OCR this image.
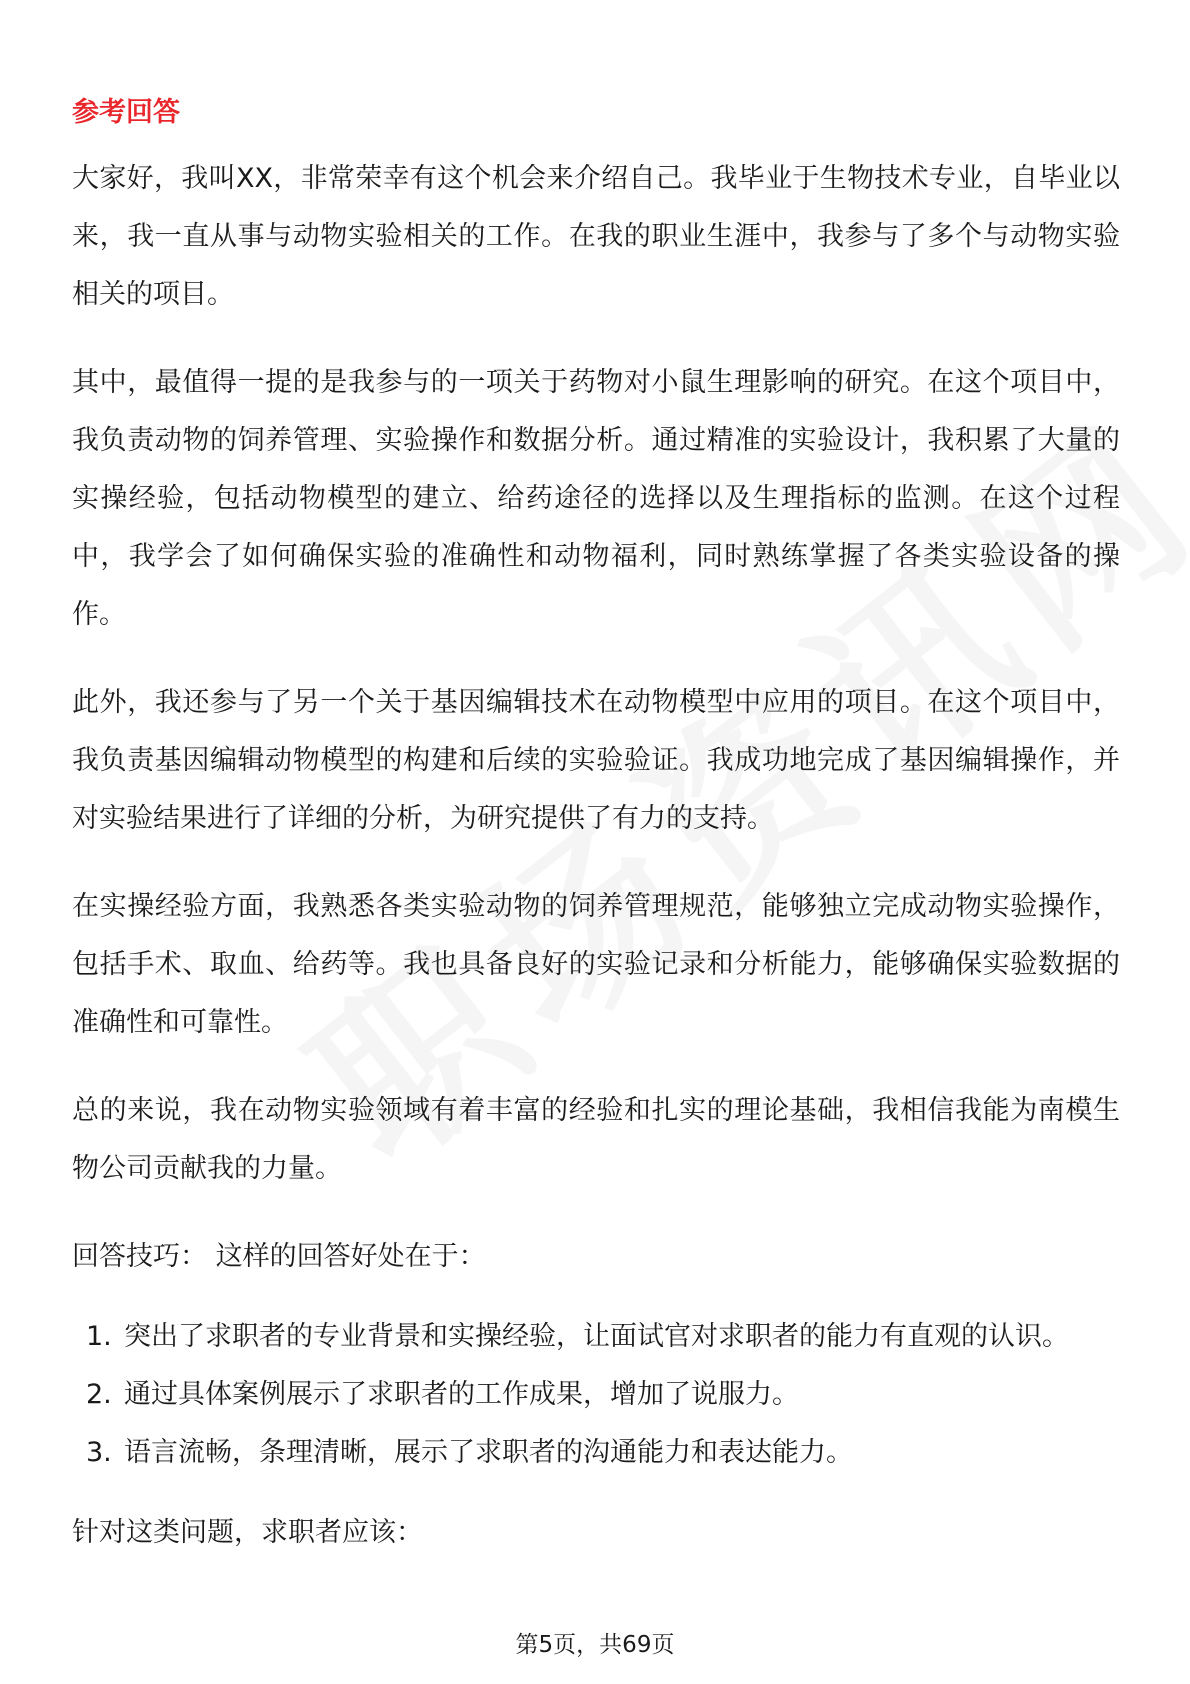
参考回答

大家好，我叫XX，非常荣幸有这个机会来介绍自己。我毕业于生物技术专业，自毕业以来，我一直从事与动物实验相关的工作。在我的职业生涯中，我参与了多个与动物实验相关的项目。

其中，最值得一提的是我参与的一项关于药物对小鼠生理影响的研究。在这个项目中，我负责动物的饲养管理、实验操作和数据分析。通过精准的实验设计，我积累了大量的实操经验，包括动物模型的建立、给药途径的选择以及生理指标的监测。在这个过程中，我学会了如何确保实验的准确性和动物福利，同时熟练掌握了各类实验设备的操作。

此外，我还参与了另一个关于基因编辑技术在动物模型中应用的项目。在这个项目中，我负责基因编辑动物模型的构建和后续的实验验证。我成功地完成了基因编辑操作，并对实验结果进行了详细的分析，为研究提供了有力的支持。

在实操经验方面，我熟悉各类实验动物的饲养管理规范，能够独立完成动物实验操作，包括手术、取血、给药等。我也具备良好的实验记录和分析能力，能够确保实验数据的准确性和可靠性。

总的来说，我在动物实验领域有着丰富的经验和扎实的理论基础，我相信我能为南模生物公司贡献我的力量。

回答技巧： 这样的回答好处在于：

1. 突出了求职者的专业背景和实操经验，让面试官对求职者的能力有直观的认识。
2. 通过具体案例展示了求职者的工作成果，增加了说服力。
3. 语言流畅，条理清晰，展示了求职者的沟通能力和表达能力。

针对这类问题，求职者应该：

第5页，共69页
